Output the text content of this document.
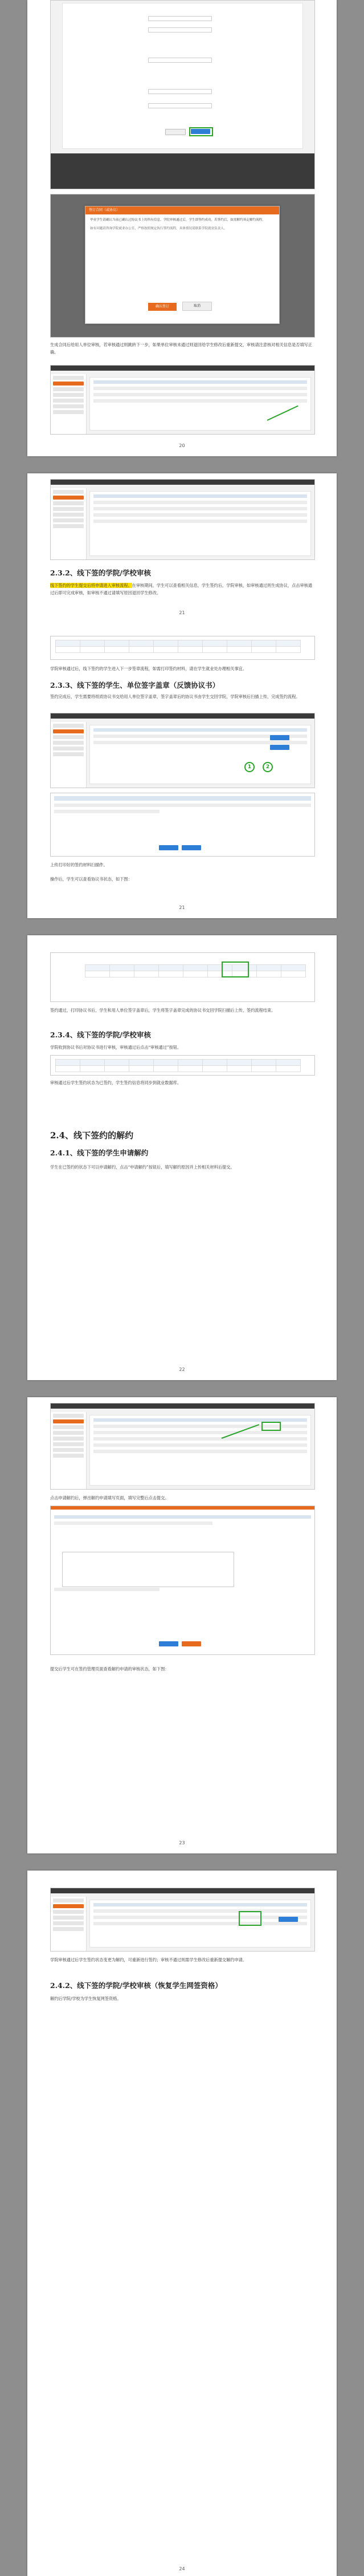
签订合同（或协议）

毕业学生请确认当前已确认过协议书上的所有信息，学院审核通过后，学生即签约成功，若签约后，如需解约须走解约流程。

如有问题请咨询学院就业办公室，严格按照规定执行签约流程，具体情况请联系学院就业负责人。

确认签订	取消

生成合同后给用人单位审核，若审核通过则跳转下一步，如果单位审核未通过则退回给学生修改后重新提交，审核请注意核对相关信息是否填写正确。

20
2.3.2、线下签的学院/学校审核

线下签约的学生提交后将申请进入审核流程。在审核期间，学生可以查看相关信息，学生签约后，学院审核，如审核通过则生成协议，点击审核通过后即可完成审核，如审核不通过请填写原因退回学生修改。

21

学院审核通过后，线下签约的学生进入下一步签章流程，如需打印签约材料，请在学生就业处办理相关事宜。

2.3.3、线下签的学生、单位签字盖章（反馈协议书）

签约完成后，学生需要将纸质协议书交给用人单位签字盖章，签字盖章后的协议书由学生交回学院，学院审核后扫描上传，完成签约流程。

1	2

上传打印好的签约材料扫描件。

操作后，学生可以查看协议书状态，如下图：

21

签约通过，打印协议书后，学生和用人单位签字盖章后，学生将签字盖章完成的协议书交回学院扫描后上传，签约流程结束。

2.3.4、线下签的学院/学校审核

学院收到协议书后对协议书进行审核，审核通过后点击“审核通过”按钮。

审核通过后学生签约状态为已签约，学生签约信息将同步到就业数据库。

2.4、线下签约的解约
2.4.1、线下签的学生申请解约

学生在已签约的状态下可以申请解约，点击“申请解约”按钮后，填写解约原因并上传相关材料后提交。

22

点击申请解约后，弹出解约申请填写页面，填写完整后点击提交。

提交后学生可在签约管理页面查看解约申请的审核状态，如下图：

23

学院审核通过后学生签约状态变更为解约，可重新进行签约；审核不通过则需学生修改后重新提交解约申请。

2.4.2、线下签的学院/学校审核（恢复学生网签资格）

解约后学院/学校为学生恢复网签资格。

24
